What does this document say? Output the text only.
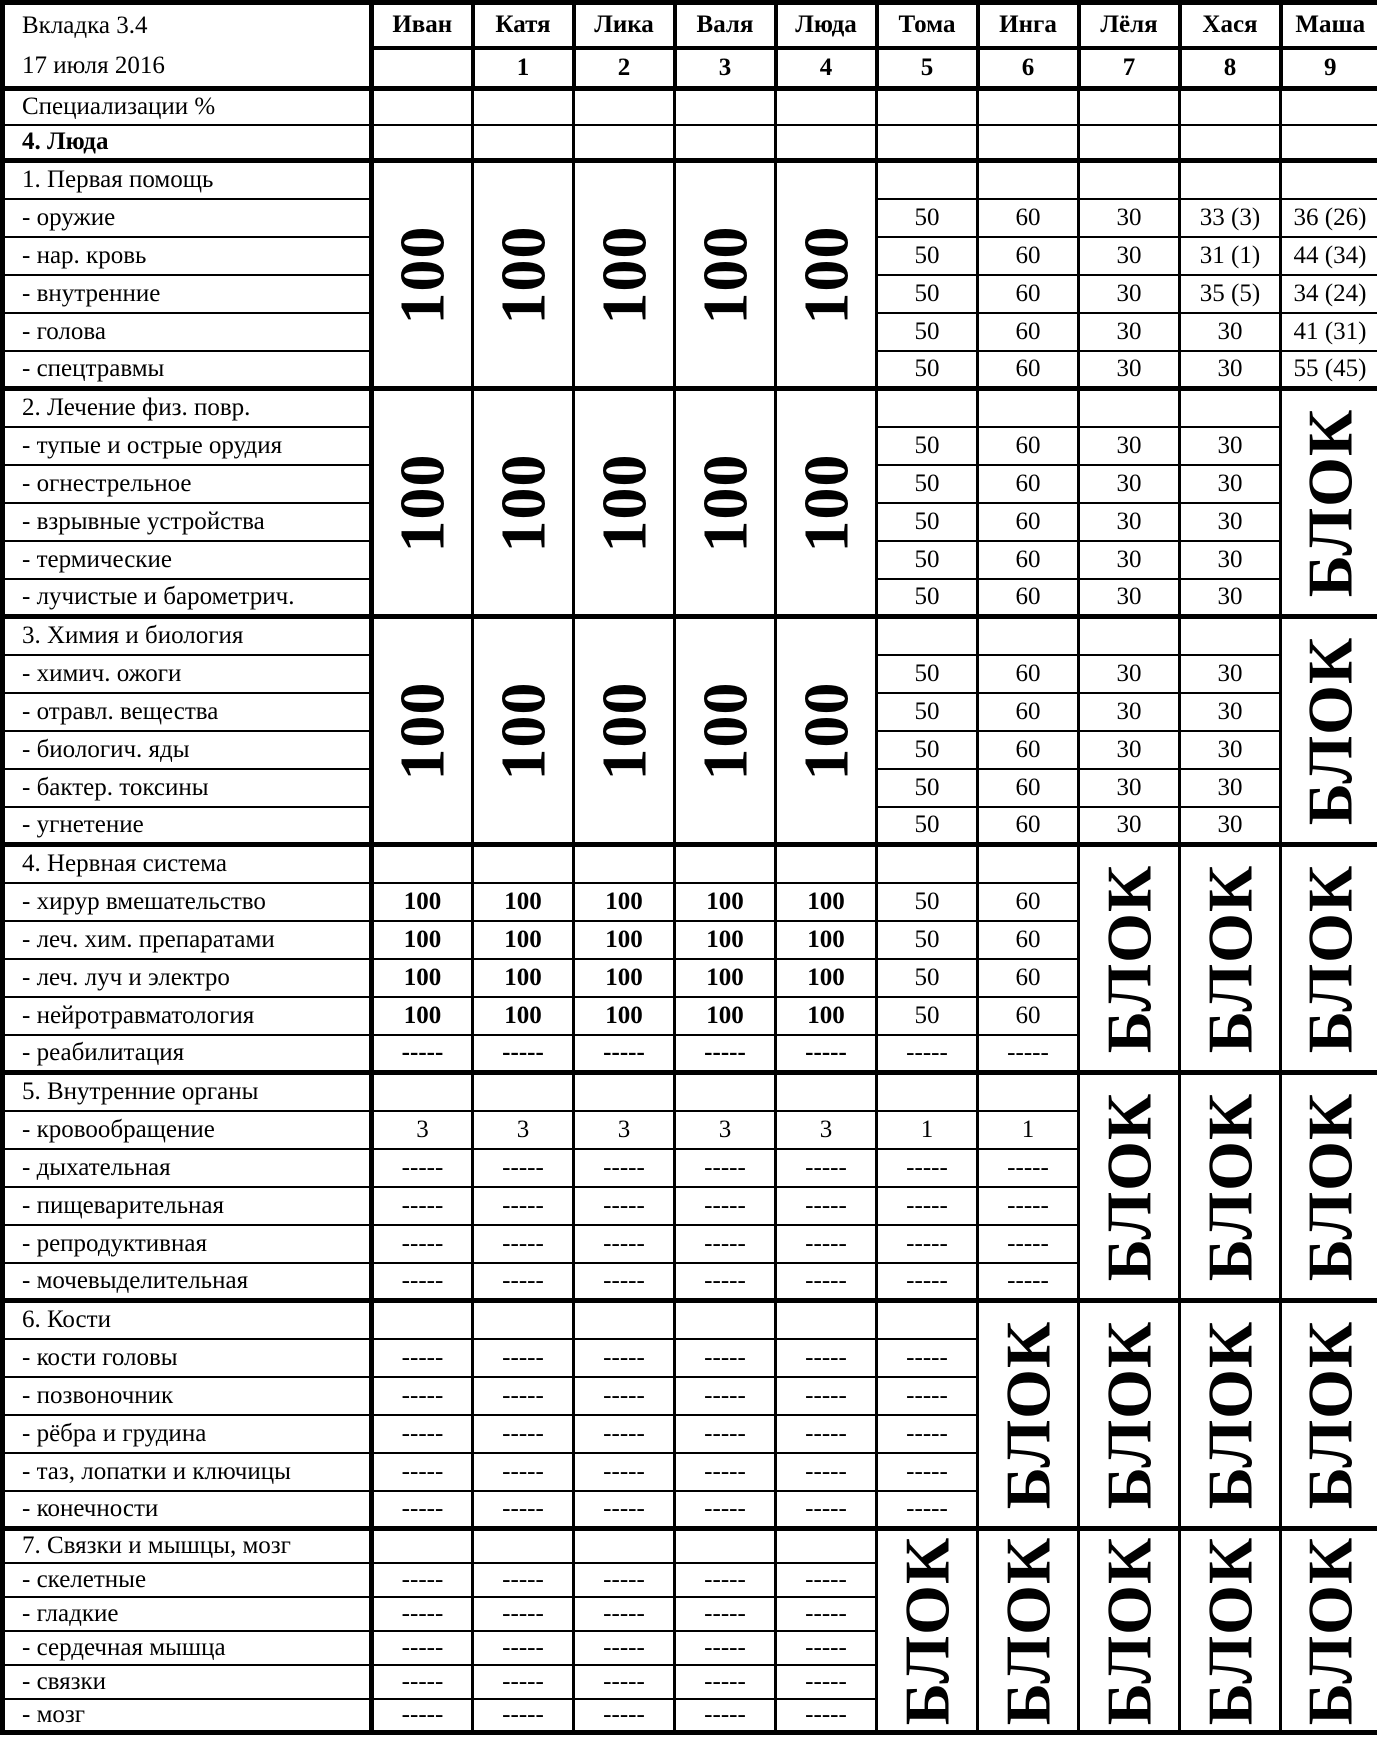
Вкладка 3.4
17 июля 2016	Иван	Катя	Лика	Валя	Люда	Тома	Инга	Лёля	Хася	Маша
		1	2	3	4	5	6	7	8	9
Специализации %										
4. Люда										
1. Первая помощь	100	100	100	100	100					

- оружие						50	60	30	33 (3)	36 (26)
- нар. кровь						50	60	30	31 (1)	44 (34)
- внутренние						50	60	30	35 (5)	34 (24)
- голова						50	60	30	30	41 (31)
- спецтравмы						50	60	30	30	55 (45)
2. Лечение физ. повр.	100	100	100	100	100					БЛОК

- тупые и острые орудия						50	60	30	30	
- огнестрельное						50	60	30	30	
- взрывные устройства						50	60	30	30	
- термические						50	60	30	30	
- лучистые и барометрич.						50	60	30	30	
3. Химия и биология	100	100	100	100	100					БЛОК

- химич. ожоги						50	60	30	30	
- отравл. вещества						50	60	30	30	
- биологич. яды						50	60	30	30	
- бактер. токсины						50	60	30	30	
- угнетение						50	60	30	30	
4. Нервная система								БЛОК	БЛОК	БЛОК

- хирур вмешательство	100	100	100	100	100	50	60			
- леч. хим. препаратами	100	100	100	100	100	50	60			
- леч. луч и электро	100	100	100	100	100	50	60			
- нейротравматология	100	100	100	100	100	50	60			
- реабилитация	-----	-----	-----	-----	-----	-----	-----			
5. Внутренние органы								БЛОК	БЛОК	БЛОК

- кровообращение	3	3	3	3	3	1	1			
- дыхательная	-----	-----	-----	-----	-----	-----	-----			
- пищеварительная	-----	-----	-----	-----	-----	-----	-----			
- репродуктивная	-----	-----	-----	-----	-----	-----	-----			
- мочевыделительная	-----	-----	-----	-----	-----	-----	-----			
6. Кости							БЛОК	БЛОК	БЛОК	БЛОК

- кости головы	-----	-----	-----	-----	-----	-----				
- позвоночник	-----	-----	-----	-----	-----	-----				
- рёбра и грудина	-----	-----	-----	-----	-----	-----				
- таз, лопатки и ключицы	-----	-----	-----	-----	-----	-----				
- конечности	-----	-----	-----	-----	-----	-----				
7. Связки и мышцы, мозг						БЛОК	БЛОК	БЛОК	БЛОК	БЛОК

- скелетные	-----	-----	-----	-----	-----					
- гладкие	-----	-----	-----	-----	-----					
- сердечная мышца	-----	-----	-----	-----	-----					
- связки	-----	-----	-----	-----	-----					
- мозг	-----	-----	-----	-----	-----					
